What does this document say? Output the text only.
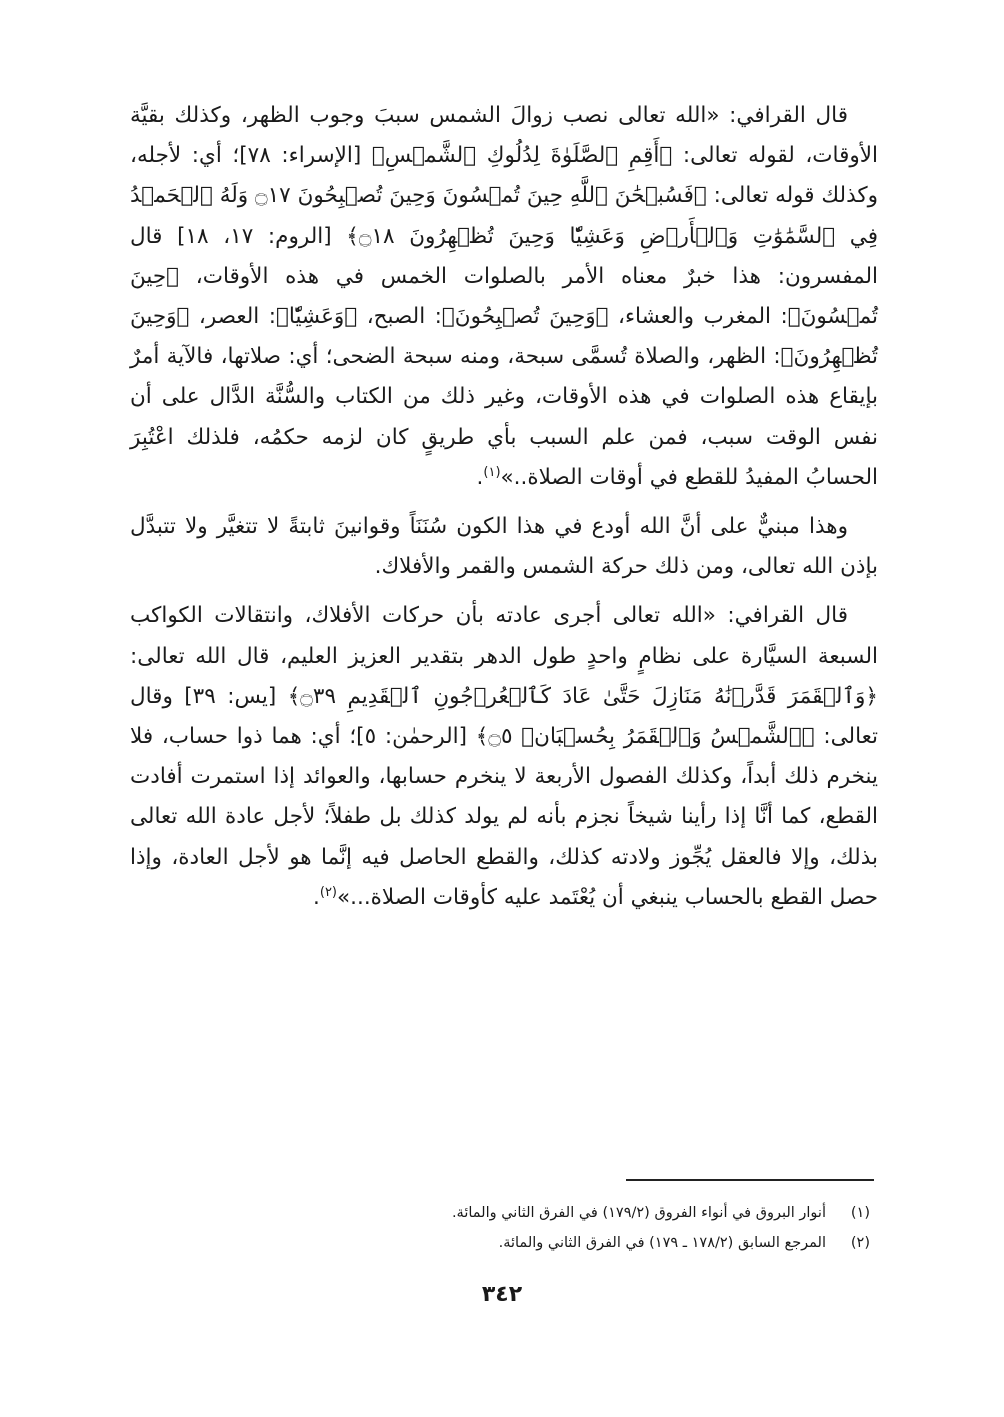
قال القرافي: «الله تعالى نصب زوالَ الشمس سببَ وجوب الظهر، وكذلك بقيَّة الأوقات، لقوله تعالى: ﴿أَقِمِ ٱلصَّلَوٰةَ لِدُلُوكِ ٱلشَّمۡسِ﴾ [الإسراء: ٧٨]؛ أي: لأجله، وكذلك قوله تعالى: ﴿فَسُبۡحَٰنَ ٱللَّهِ حِينَ تُمۡسُونَ وَحِينَ تُصۡبِحُونَ ۝١٧ وَلَهُ ٱلۡحَمۡدُ فِي ٱلسَّمَٰوَٰتِ وَٱلۡأَرۡضِ وَعَشِيّٗا وَحِينَ تُظۡهِرُونَ ۝١٨﴾ [الروم: ١٧، ١٨] قال المفسرون: هذا خبرٌ معناه الأمر بالصلوات الخمس في هذه الأوقات، ﴿حِينَ تُمۡسُونَ﴾: المغرب والعشاء، ﴿وَحِينَ تُصۡبِحُونَ﴾: الصبح، ﴿وَعَشِيّٗا﴾: العصر، ﴿وَحِينَ تُظۡهِرُونَ﴾: الظهر، والصلاة تُسمَّى سبحة، ومنه سبحة الضحى؛ أي: صلاتها، فالآية أمرٌ بإيقاع هذه الصلوات في هذه الأوقات، وغير ذلك من الكتاب والسُّنَّة الدَّال على أن نفس الوقت سبب، فمن علم السبب بأي طريقٍ كان لزمه حكمُه، فلذلك اعْتُبِرَ الحسابُ المفيدُ للقطع في أوقات الصلاة..»$^{(١)}$.

وهذا مبنيٌّ على أنَّ الله أودع في هذا الكون سُنَنَاً وقوانينَ ثابتةً لا تتغيَّر ولا تتبدَّل بإذن الله تعالى، ومن ذلك حركة الشمس والقمر والأفلاك.

قال القرافي: «الله تعالى أجرى عادته بأن حركات الأفلاك، وانتقالات الكواكب السبعة السيَّارة على نظامٍ واحدٍ طول الدهر بتقدير العزيز العليم، قال الله تعالى: ﴿وَٱلۡقَمَرَ قَدَّرۡنَٰهُ مَنَازِلَ حَتَّىٰ عَادَ كَٱلۡعُرۡجُونِ ٱلۡقَدِيمِ ۝٣٩﴾ [يس: ٣٩] وقال تعالى: ﴿ٱلشَّمۡسُ وَٱلۡقَمَرُ بِحُسۡبَانٖ ۝٥﴾ [الرحمٰن: ٥]؛ أي: هما ذوا حساب، فلا ينخرم ذلك أبداً، وكذلك الفصول الأربعة لا ينخرم حسابها، والعوائد إذا استمرت أفادت القطع، كما أنَّا إذا رأينا شيخاً نجزم بأنه لم يولد كذلك بل طفلاً؛ لأجل عادة الله تعالى بذلك، وإلا فالعقل يُجِّوز ولادته كذلك، والقطع الحاصل فيه إنَّما هو لأجل العادة، وإذا حصل القطع بالحساب ينبغي أن يُعْتَمد عليه كأوقات الصلاة...»$^{(٢)}$.

(١)أنوار البروق في أنواء الفروق (١٧٩/٢) في الفرق الثاني والمائة.

(٢)المرجع السابق (١٧٨/٢ ـ ١٧٩) في الفرق الثاني والمائة.

٣٤٢
